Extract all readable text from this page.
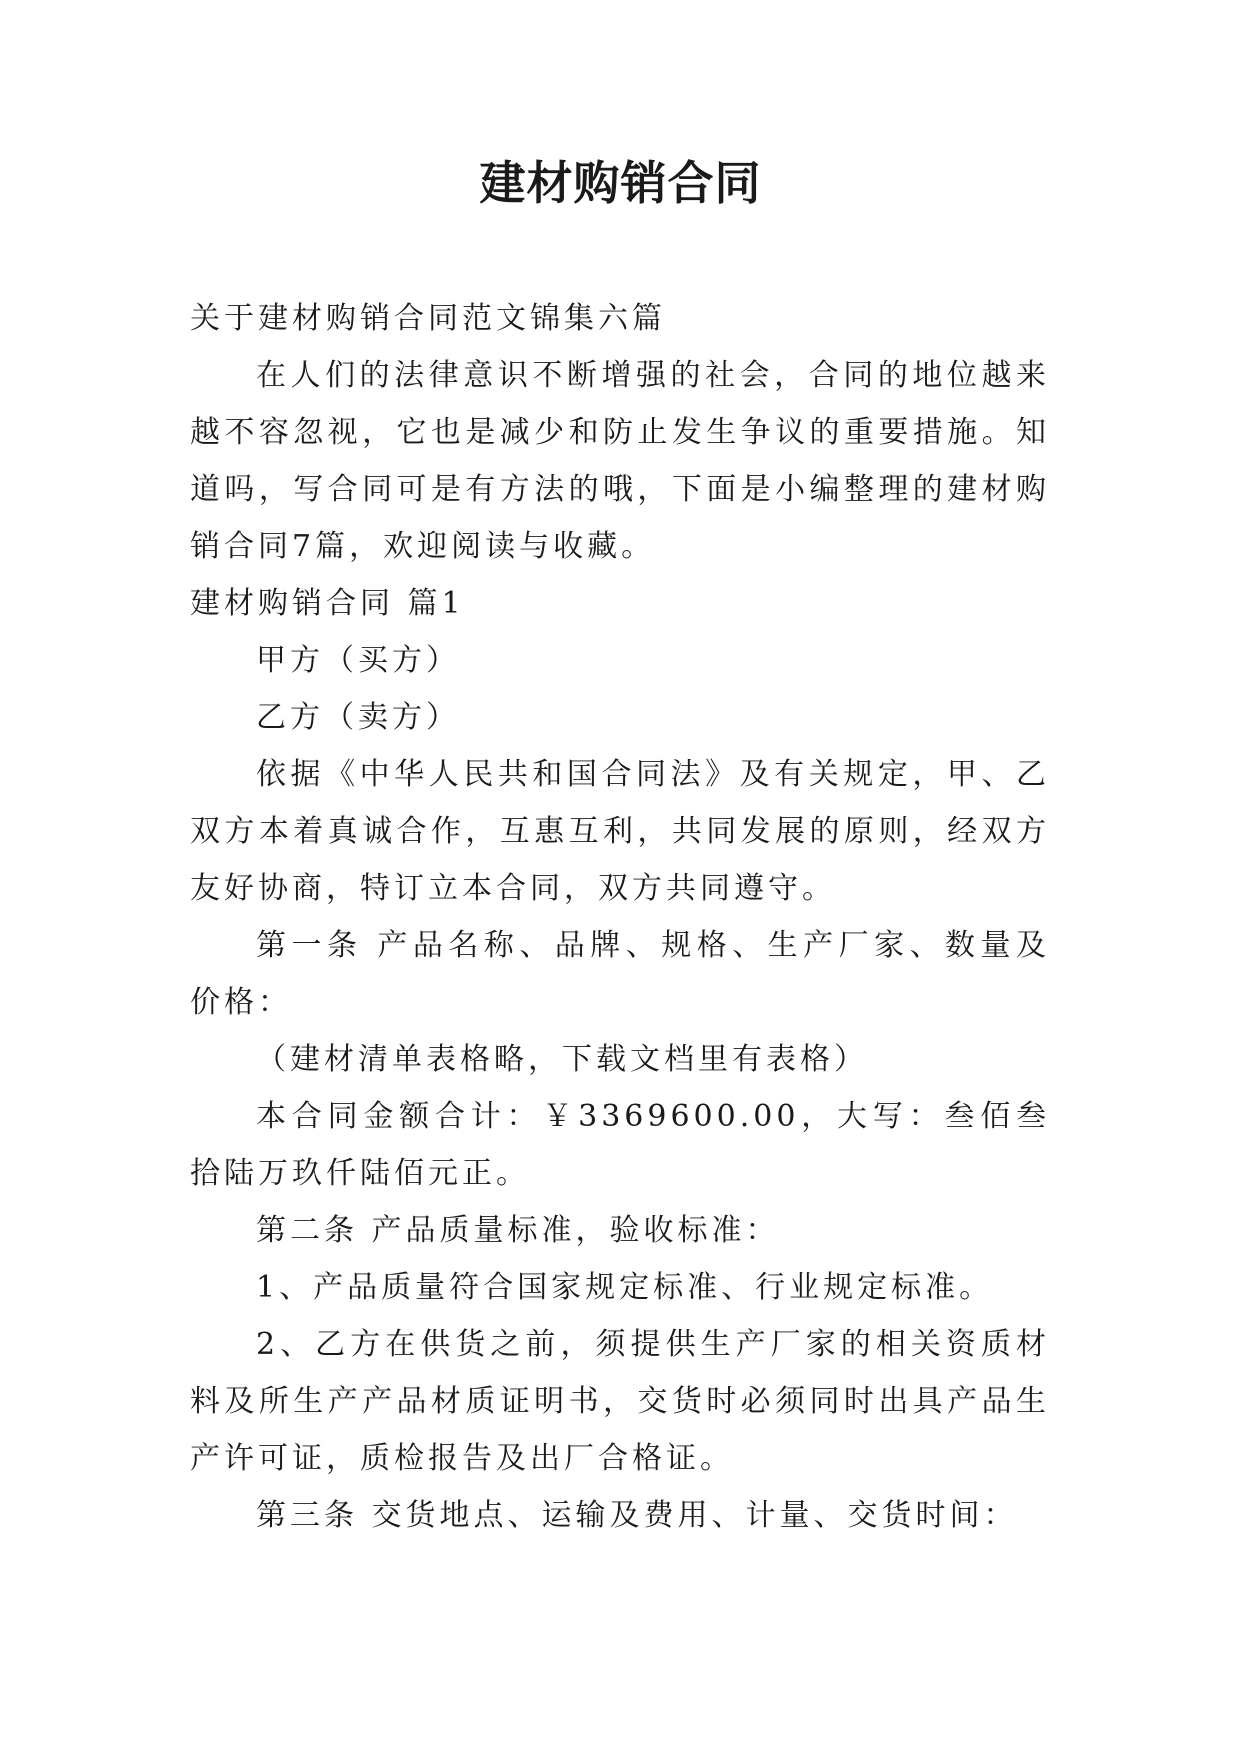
建材购销合同

关于建材购销合同范文锦集六篇

在人们的法律意识不断增强的社会，合同的地位越来越不容忽视，它也是减少和防止发生争议的重要措施。知道吗，写合同可是有方法的哦，下面是小编整理的建材购销合同7篇，欢迎阅读与收藏。

建材购销合同 篇1

甲方（买方）

乙方（卖方）

依据《中华人民共和国合同法》及有关规定，甲、乙双方本着真诚合作，互惠互利，共同发展的原则，经双方友好协商，特订立本合同，双方共同遵守。

第一条 产品名称、品牌、规格、生产厂家、数量及价格：

（建材清单表格略，下载文档里有表格）

本合同金额合计：￥3369600.00，大写：叁佰叁拾陆万玖仟陆佰元正。

第二条 产品质量标准，验收标准：

1、产品质量符合国家规定标准、行业规定标准。

2、乙方在供货之前，须提供生产厂家的相关资质材料及所生产产品材质证明书，交货时必须同时出具产品生产许可证，质检报告及出厂合格证。

第三条 交货地点、运输及费用、计量、交货时间：
